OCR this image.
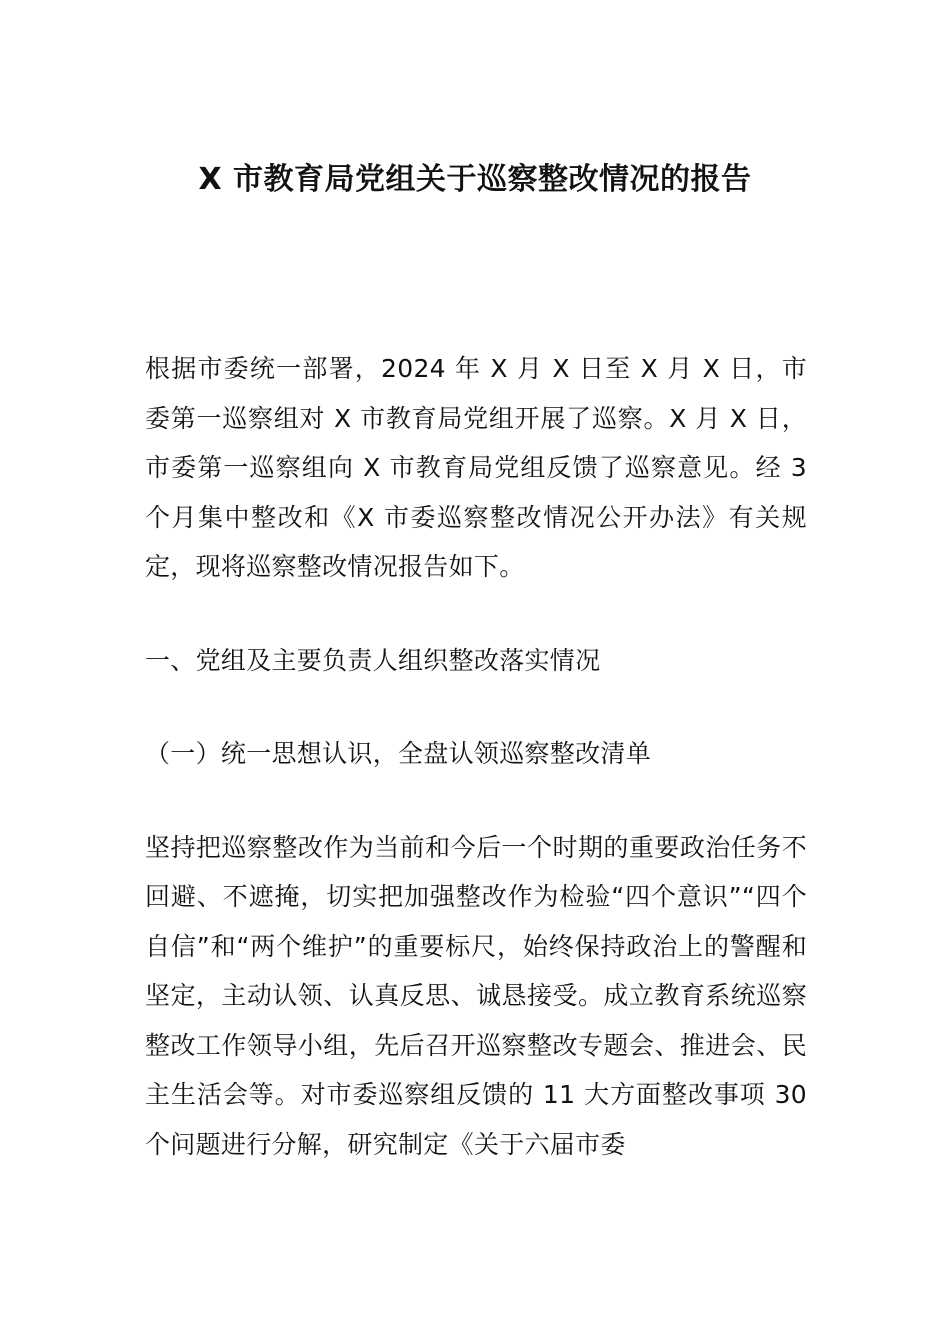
X 市教育局党组关于巡察整改情况的报告

根据市委统一部署，2024 年 X 月 X 日至 X 月 X 日，市委第一巡察组对 X 市教育局党组开展了巡察。X 月 X 日，市委第一巡察组向 X 市教育局党组反馈了巡察意见。经 3 个月集中整改和《X 市委巡察整改情况公开办法》有关规定，现将巡察整改情况报告如下。

一、党组及主要负责人组织整改落实情况

（一）统一思想认识，全盘认领巡察整改清单

坚持把巡察整改作为当前和今后一个时期的重要政治任务不回避、不遮掩，切实把加强整改作为检验“四个意识”“四个自信”和“两个维护”的重要标尺，始终保持政治上的警醒和坚定，主动认领、认真反思、诚恳接受。成立教育系统巡察整改工作领导小组，先后召开巡察整改专题会、推进会、民主生活会等。对市委巡察组反馈的 11 大方面整改事项 30 个问题进行分解，研究制定《关于六届市委
